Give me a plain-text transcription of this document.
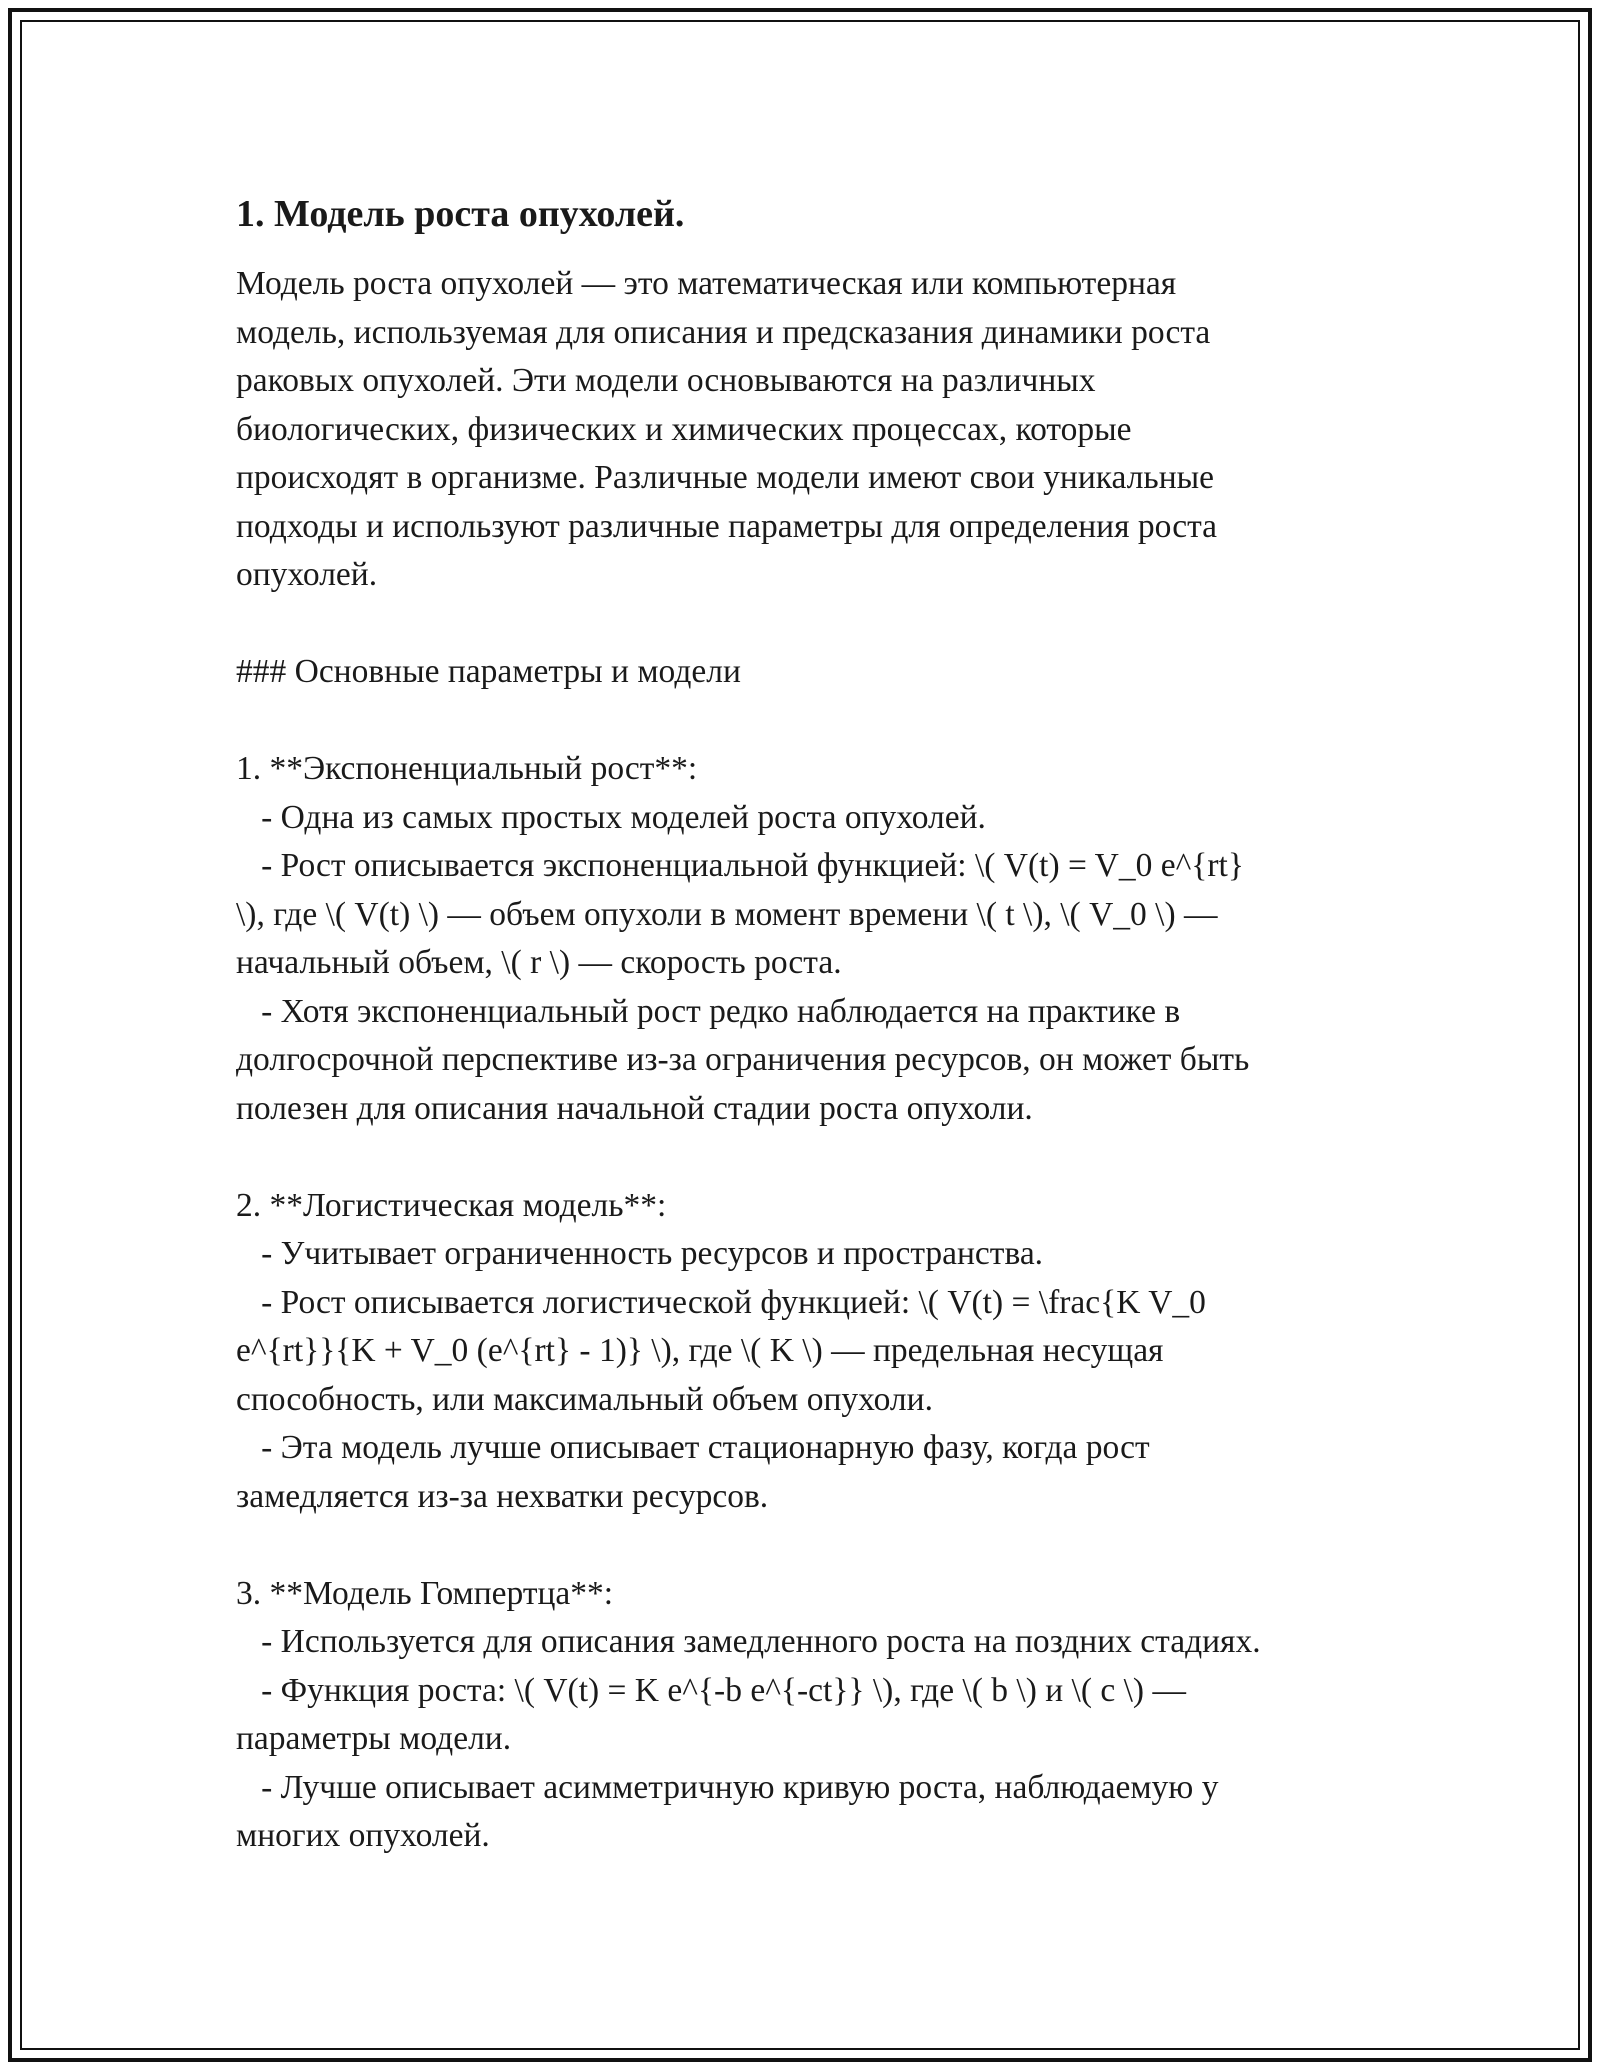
1. Модель роста опухолей.

Модель роста опухолей — это математическая или компьютерная

модель, используемая для описания и предсказания динамики роста

раковых опухолей. Эти модели основываются на различных

биологических, физических и химических процессах, которые

происходят в организме. Различные модели имеют свои уникальные

подходы и используют различные параметры для определения роста

опухолей.

### Основные параметры и модели

1. **Экспоненциальный рост**:

- Одна из самых простых моделей роста опухолей.

- Рост описывается экспоненциальной функцией: \( V(t) = V_0 e^{rt}

\), где \( V(t) \) — объем опухоли в момент времени \( t \), \( V_0 \) —

начальный объем, \( r \) — скорость роста.

- Хотя экспоненциальный рост редко наблюдается на практике в

долгосрочной перспективе из-за ограничения ресурсов, он может быть

полезен для описания начальной стадии роста опухоли.

2. **Логистическая модель**:

- Учитывает ограниченность ресурсов и пространства.

- Рост описывается логистической функцией: \( V(t) = \frac{K V_0

e^{rt}}{K + V_0 (e^{rt} - 1)} \), где \( K \) — предельная несущая

способность, или максимальный объем опухоли.

- Эта модель лучше описывает стационарную фазу, когда рост

замедляется из-за нехватки ресурсов.

3. **Модель Гомпертца**:

- Используется для описания замедленного роста на поздних стадиях.

- Функция роста: \( V(t) = K e^{-b e^{-ct}} \), где \( b \) и \( c \) —

параметры модели.

- Лучше описывает асимметричную кривую роста, наблюдаемую у

многих опухолей.
